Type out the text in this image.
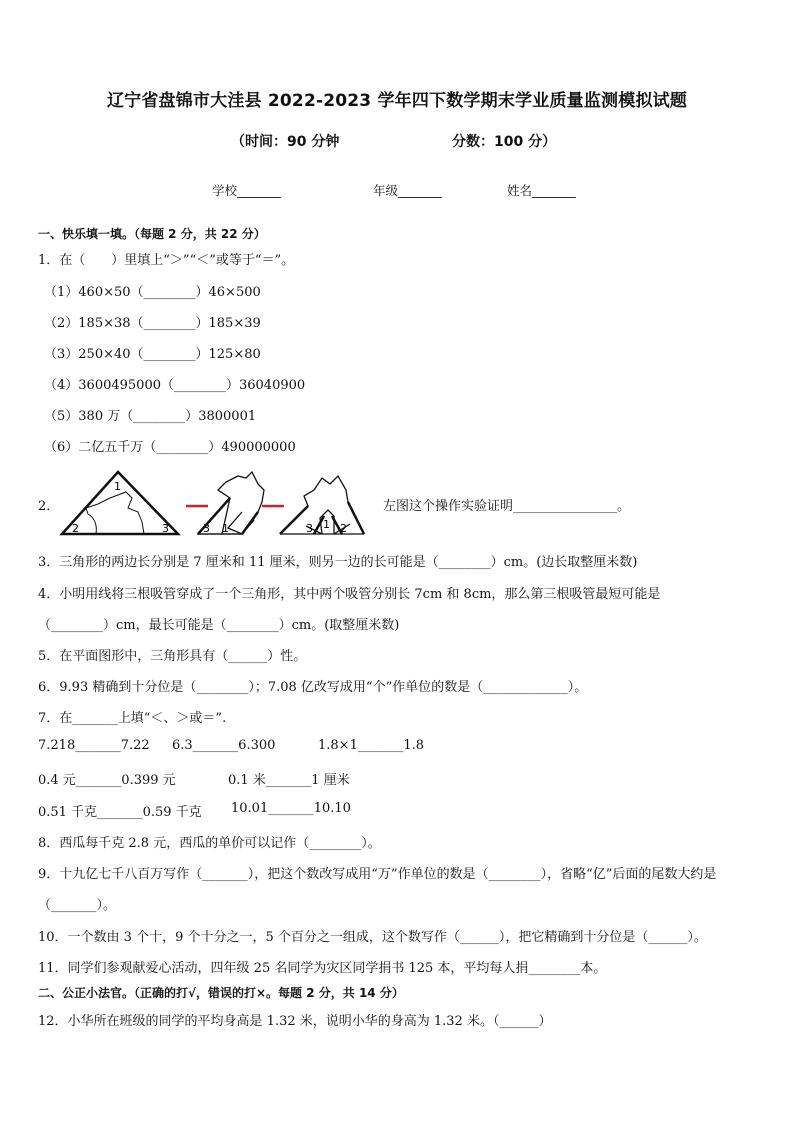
辽宁省盘锦市大洼县 2022-2023 学年四下数学期末学业质量监测模拟试题
（时间：90 分钟	分数：100 分）
学校_______	年级_______	姓名_______
一、快乐填一填。（每题 2 分，共 22 分）
1．在（　　）里填上“＞”“＜”或等于“＝”。
（1）460×50（________）46×500
（2）185×38（________）185×39
（3）250×40（________）125×80
（4）3600495000（________）36040900
（5）380 万（________）3800001
（6）二亿五千万（________）490000000
2．
1
2	3	3 1	3 1 2
左图这个操作实验证明________________。
3．三角形的两边长分别是 7 厘米和 11 厘米，则另一边的长可能是（________）cm。(边长取整厘米数)
4．小明用线将三根吸管穿成了一个三角形，其中两个吸管分别长 7cm 和 8cm，那么第三根吸管最短可能是
（________）cm，最长可能是（________）cm。(取整厘米数)
5．在平面图形中，三角形具有（______）性。
6．9.93 精确到十分位是（________）；7.08 亿改写成用“个”作单位的数是（_____________）。
7．在_______上填“＜、＞或＝”.
7.218_______7.22 6.3_______6.300	1.8×1_______1.8
0.4 元_______0.399 元	0.1 米_______1 厘米
0.51 千克_______0.59 千克 10.01_______10.10
8．西瓜每千克 2.8 元，西瓜的单价可以记作（________）。
9．十九亿七千八百万写作（_______），把这个数改写成用“万”作单位的数是（________），省略“亿”后面的尾数大约是
（_______）。
10．一个数由 3 个十，9 个十分之一，5 个百分之一组成，这个数写作（______），把它精确到十分位是（______）。
11．同学们参观献爱心活动，四年级 25 名同学为灾区同学捐书 125 本，平均每人捐________本。
二、公正小法官。（正确的打√，错误的打×。每题 2 分，共 14 分）
12．小华所在班级的同学的平均身高是 1.32 米，说明小华的身高为 1.32 米。（______）
